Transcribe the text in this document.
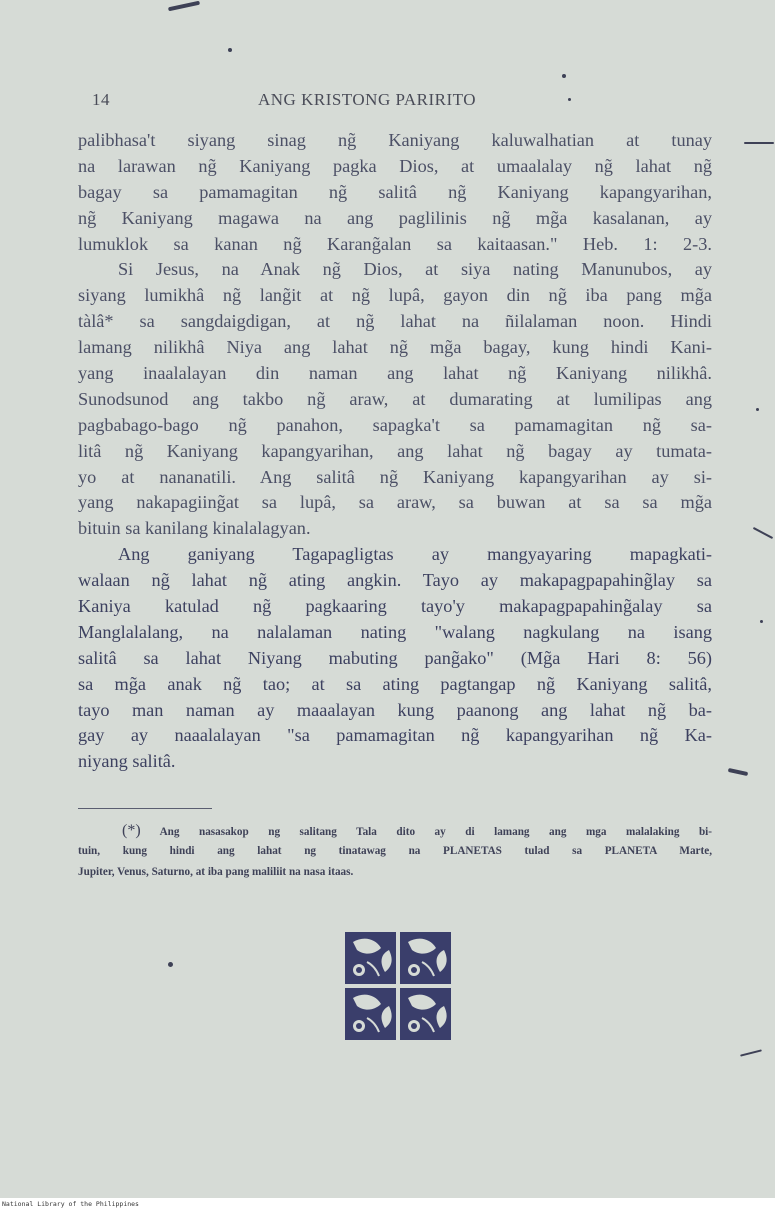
14	ANG KRISTONG PARIRITO
palibhasa't siyang sinag ng̃ Kaniyang kaluwalhatian at tunay
na larawan ng̃ Kaniyang pagka Dios, at umaalalay ng̃ lahat ng̃
bagay sa pamamagitan ng̃ salitâ ng̃ Kaniyang kapangyarihan,
ng̃ Kaniyang magawa na ang paglilinis ng̃ mg̃a kasalanan, ay
lumuklok sa kanan ng̃ Karang̃alan sa kaitaasan." Heb. 1: 2-3.
Si Jesus, na Anak ng̃ Dios, at siya nating Manunubos, ay
siyang lumikhâ ng̃ lang̃it at ng̃ lupâ, gayon din ng̃ iba pang mg̃a
tàlâ* sa sangdaigdigan, at ng̃ lahat na ñilalaman noon. Hindi
lamang nilikhâ Niya ang lahat ng̃ mg̃a bagay, kung hindi Kani-
yang inaalalayan din naman ang lahat ng̃ Kaniyang nilikhâ.
Sunodsunod ang takbo ng̃ araw, at dumarating at lumilipas ang
pagbabago-bago ng̃ panahon, sapagka't sa pamamagitan ng̃ sa-
litâ ng̃ Kaniyang kapangyarihan, ang lahat ng̃ bagay ay tumata-
yo at nananatili. Ang salitâ ng̃ Kaniyang kapangyarihan ay si-
yang nakapagiing̃at sa lupâ, sa araw, sa buwan at sa sa mg̃a
bituin sa kanilang kinalalagyan.
Ang ganiyang Tagapagligtas ay mangyayaring mapagkati-
walaan ng̃ lahat ng̃ ating angkin. Tayo ay makapagpapahing̃lay sa
Kaniya katulad ng̃ pagkaaring tayo'y makapagpapahing̃alay sa
Manglalalang, na nalalaman nating "walang nagkulang na isang
salitâ sa lahat Niyang mabuting pang̃ako" (Mg̃a Hari 8: 56)
sa mg̃a anak ng̃ tao; at sa ating pagtangap ng̃ Kaniyang salitâ,
tayo man naman ay maaalayan kung paanong ang lahat ng̃ ba-
gay ay naaalalayan "sa pamamagitan ng̃ kapangyarihan ng̃ Ka-
niyang salitâ.
(*) Ang nasasakop ng salitang Tala dito ay di lamang ang mga malalaking bi-
tuin, kung hindi ang lahat ng tinatawag na PLANETAS tulad sa PLANETA Marte,
Jupiter, Venus, Saturno, at iba pang maliliit na nasa itaas.
National Library of the Philippines
